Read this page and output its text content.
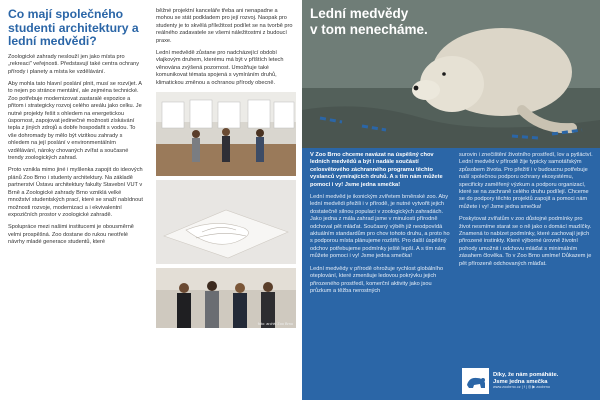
Co mají společného studenti architektury a lední medvědi?

Zoologické zahrady neslouží jen jako místa pro „rekreaci" veřejnosti. Představují také centra ochrany přírody i planety a místa ke vzdělávání.

Aby mohla tato hlavní poslání plnit, musí se rozvíjet. A to nejen po stránce mentální, ale zejména technické. Zoo potřebuje modernizovat zastaralé expozice a přitom i strategicky rozvoj celého areálu jako celku. Je nutné projekty řešit s ohledem na energetickou úspornost, zapojovat jedinečné možnosti získávání tepla z jiných zdrojů a dobře hospodařit s vodou. To vše dohromady by mělo být vizitkou zahrady s ohledem na její poslání v environmentálním vzdělávání, nároky chovaných zvířat a současné trendy zoologických zahrad.

Proto vznikla mimo jiné i myšlenka zapojit do ideových plánů Zoo Brno i studenty architektury. Na základě partnerství Ústavu architektury fakulty Stavební VUT v Brně a Zoologické zahrady Brno vzniklá velké množství studentských prací, které se snaží nabídnout možnosti rozvoje, modernizaci a i ekvivalentní expozičních prostor v zoologické zahradě.

Spolupráce mezi našimi institucemi je obousměrně velmi prospěšná. Zoo dostane do rukou neotřelé návrhy mladé generace studentů, které

běžné projektní kanceláře třeba ani nenapadne a mohou se stát podkladem pro její rozvoj. Naopak pro studenty je to skvělá příležitost podílet se na tvorbě pro reálného zadavatele se všemi náležitostmi z budoucí praxe.

Lední medvědě zůstane pro nadcházející období vlajkovým druhem, kterému má být v příštích letech věnována zvýšená pozornost. Umožňuje také komunikovat témata spojená s vymíráním druhů, klimatickou změnou a ochranou přírody obecně.

foto: archiv Zoo Brno
Lední medvědy
v tom nenecháme.

V Zoo Brno chceme navázat na úspěšný chov ledních medvědů a být i nadále součástí celosvětového záchranného programu těchto vyslanců vymírajících druhů. A s tím nám můžete pomoci i vy! Jsme jedna smečka!

Lední medvěd je ikonickým zvířetem brněnské zoo. Aby lední medvědi přežili i v přírodě, je nutné vytvořit jejich dostatečně silnou populaci v zoologických zahradách. Jako jedna z mála zahrad jsme v minulosti přírodně odchoval pět mláďat. Současný výběh již neodpovídá aktuálním standardům pro chov tohoto druhu, a proto ho s podporou místa plánujeme rozšířit. Pro další úspěšný odchov potřebujeme podmínky ještě lepší. A s tím nám můžete pomoci i vy! Jsme jedna smečka!

Lední medvědy v přírodě ohrožuje rychlost globálního oteplování, které zmenšuje ledovou pokrývku jejich přirozeného prostředí, komerční aktivity jako jsou průzkum a těžba nerostných

surovin i znečištění životního prostředí, lov a pytláctví. Lední medvěd v přírodě žije typicky samotářským způsobem života. Pro přežití i v budoucnu potřebuje naší společnou podporu ochrany ekosystému, specificky zaměřený výzkum a podporu organizací, které se na zachraně celého druhu podílejí. Chceme se do podpory těchto projektů zapojit a pomoci nám můžete i vy! Jsme jedna smečka!

Poskytovat zvířatům v zoo důstojné podmínky pro život nesmíme starat se o ně jako o domácí mazlíčky. Znamená to nabízet podmínky, které zachovají jejich přirozené instinkty. Které výborné úrovně životní pohody umožnit i odchovu mláďat s minimálním zásahem člověka. To v Zoo Brno umíme! Důkazem je pět přírozeně odchovaných mláďat.

Díky, že nám pomáháte.
Jsme jedna smečka
www.zoobrno.cz | f | ◎ ▶ zoobrno
